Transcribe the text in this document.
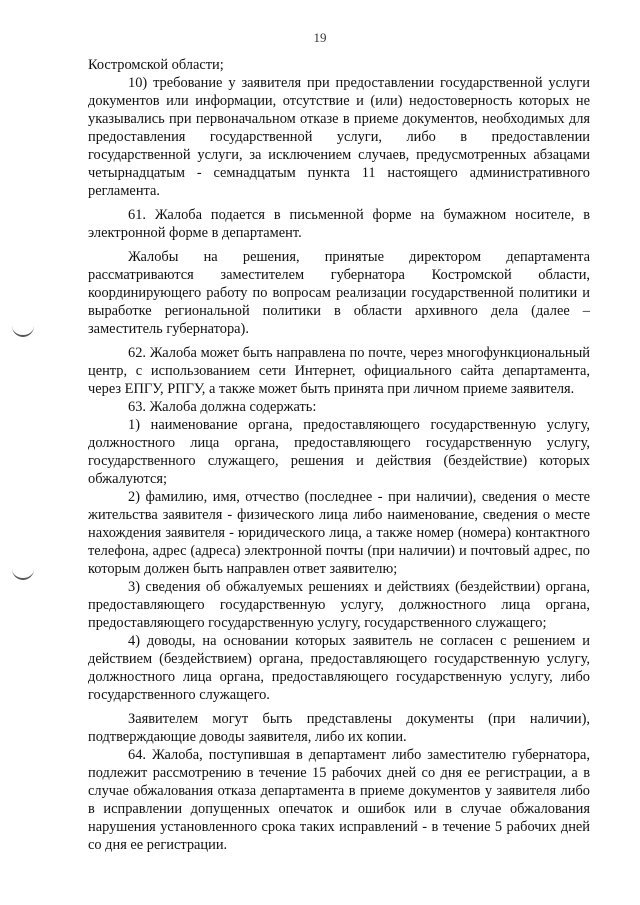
19

Костромской области;

10) требование у заявителя при предоставлении государственной услуги документов или информации, отсутствие и (или) недостоверность которых не указывались при первоначальном отказе в приеме документов, необходимых для предоставления государственной услуги, либо в предоставлении государственной услуги, за исключением случаев, предусмотренных абзацами четырнадцатым - семнадцатым пункта 11 настоящего административного регламента.

61. Жалоба подается в письменной форме на бумажном носителе, в электронной форме в департамент.

Жалобы на решения, принятые директором департамента рассматриваются заместителем губернатора Костромской области, координирующего работу по вопросам реализации государственной политики и выработке региональной политики в области архивного дела (далее – заместитель губернатора).

62. Жалоба может быть направлена по почте, через многофункциональный центр, с использованием сети Интернет, официального сайта департамента, через ЕПГУ, РПГУ, а также может быть принята при личном приеме заявителя.

63. Жалоба должна содержать:

1) наименование органа, предоставляющего государственную услугу, должностного лица органа, предоставляющего государственную услугу, государственного служащего, решения и действия (бездействие) которых обжалуются;

2) фамилию, имя, отчество (последнее - при наличии), сведения о месте жительства заявителя - физического лица либо наименование, сведения о месте нахождения заявителя - юридического лица, а также номер (номера) контактного телефона, адрес (адреса) электронной почты (при наличии) и почтовый адрес, по которым должен быть направлен ответ заявителю;

3) сведения об обжалуемых решениях и действиях (бездействии) органа, предоставляющего государственную услугу, должностного лица органа, предоставляющего государственную услугу, государственного служащего;

4) доводы, на основании которых заявитель не согласен с решением и действием (бездействием) органа, предоставляющего государственную услугу, должностного лица органа, предоставляющего государственную услугу, либо государственного служащего.

Заявителем могут быть представлены документы (при наличии), подтверждающие доводы заявителя, либо их копии.

64. Жалоба, поступившая в департамент либо заместителю губернатора, подлежит рассмотрению в течение 15 рабочих дней со дня ее регистрации, а в случае обжалования отказа департамента в приеме документов у заявителя либо в исправлении допущенных опечаток и ошибок или в случае обжалования нарушения установленного срока таких исправлений - в течение 5 рабочих дней со дня ее регистрации.
